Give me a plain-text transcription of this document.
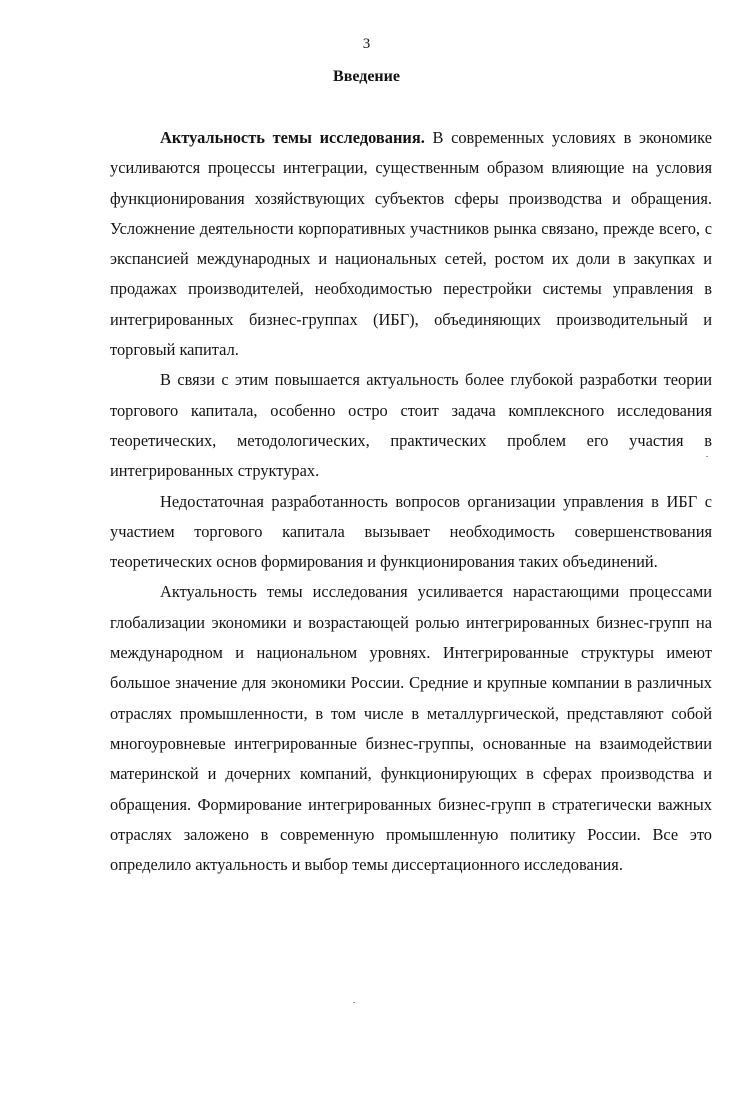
3
Введение

Актуальность темы исследования. В современных условиях в экономике усиливаются процессы интеграции, существенным образом влияющие на условия функционирования хозяйствующих субъектов сферы производства и обращения. Усложнение деятельности корпоративных участников рынка связано, прежде всего, с экспансией международных и национальных сетей, ростом их доли в закупках и продажах производителей, необходимостью перестройки системы управления в интегрированных бизнес-группах (ИБГ), объединяющих производительный и торговый капитал.

В связи с этим повышается актуальность более глубокой разработки теории торгового капитала, особенно остро стоит задача комплексного исследования теоретических, методологических, практических проблем его участия в интегрированных структурах.

Недостаточная разработанность вопросов организации управления в ИБГ с участием торгового капитала вызывает необходимость совершенствования теоретических основ формирования и функционирования таких объединений.

Актуальность темы исследования усиливается нарастающими процессами глобализации экономики и возрастающей ролью интегрированных бизнес-групп на международном и национальном уровнях. Интегрированные структуры имеют большое значение для экономики России. Средние и крупные компании в различных отраслях промышленности, в том числе в металлургической, представляют собой многоуровневые интегрированные бизнес-группы, основанные на взаимодействии материнской и дочерних компаний, функционирующих в сферах производства и обращения. Формирование интегрированных бизнес-групп в стратегически важных отраслях заложено в современную промышленную политику России. Все это определило актуальность и выбор темы диссертационного исследования.
